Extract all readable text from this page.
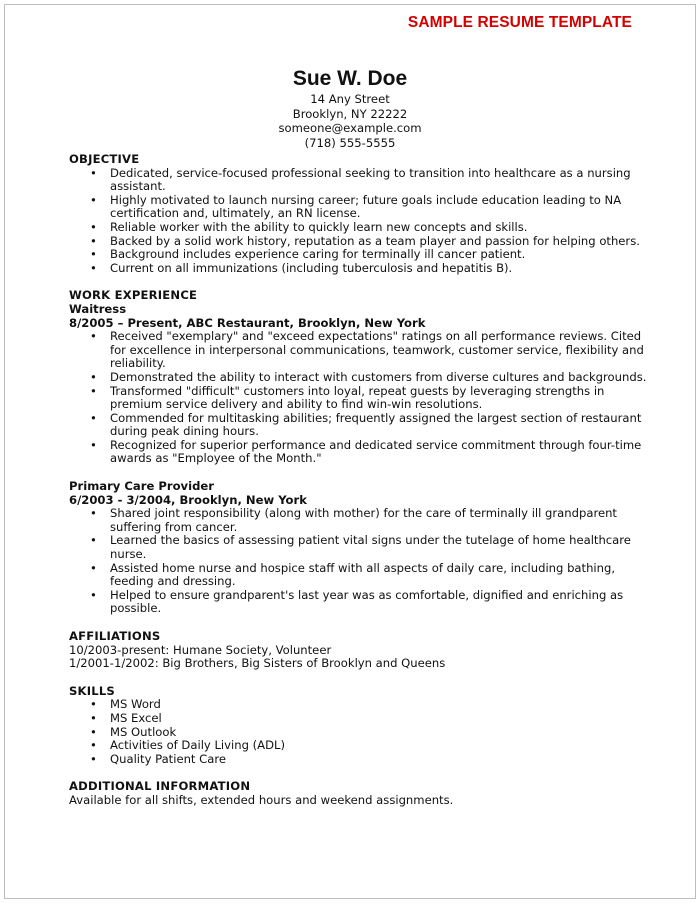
SAMPLE RESUME TEMPLATE
Sue W. Doe
14 Any Street
Brooklyn, NY 22222
someone@example.com
(718) 555-5555
OBJECTIVE
• Dedicated, service-focused professional seeking to transition into healthcare as a nursing assistant.
• Highly motivated to launch nursing career; future goals include education leading to NA certification and, ultimately, an RN license.
• Reliable worker with the ability to quickly learn new concepts and skills.
• Backed by a solid work history, reputation as a team player and passion for helping others.
• Background includes experience caring for terminally ill cancer patient.
• Current on all immunizations (including tuberculosis and hepatitis B).
WORK EXPERIENCE
Waitress
8/2005 – Present, ABC Restaurant, Brooklyn, New York
• Received "exemplary" and "exceed expectations" ratings on all performance reviews. Cited for excellence in interpersonal communications, teamwork, customer service, flexibility and reliability.
• Demonstrated the ability to interact with customers from diverse cultures and backgrounds.
• Transformed "difficult" customers into loyal, repeat guests by leveraging strengths in premium service delivery and ability to find win-win resolutions.
• Commended for multitasking abilities; frequently assigned the largest section of restaurant during peak dining hours.
• Recognized for superior performance and dedicated service commitment through four-time awards as "Employee of the Month."
Primary Care Provider
6/2003 - 3/2004, Brooklyn, New York
• Shared joint responsibility (along with mother) for the care of terminally ill grandparent suffering from cancer.
• Learned the basics of assessing patient vital signs under the tutelage of home healthcare nurse.
• Assisted home nurse and hospice staff with all aspects of daily care, including bathing, feeding and dressing.
• Helped to ensure grandparent's last year was as comfortable, dignified and enriching as possible.
AFFILIATIONS
10/2003-present: Humane Society, Volunteer
1/2001-1/2002: Big Brothers, Big Sisters of Brooklyn and Queens
SKILLS
• MS Word
• MS Excel
• MS Outlook
• Activities of Daily Living (ADL)
• Quality Patient Care
ADDITIONAL INFORMATION
Available for all shifts, extended hours and weekend assignments.
